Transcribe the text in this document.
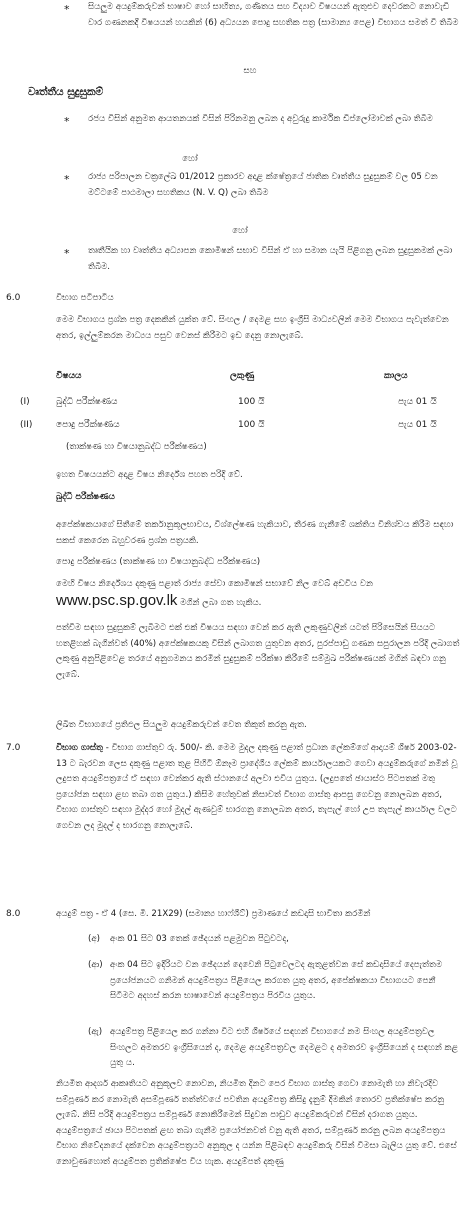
* සියලුම අයදුම්කරුවන් භාෂාව හෝ සාහිත්‍ය, ගණිතය සහ විද්‍යාව විෂයයන් ඇතුළුව දෙවරකට නොවැඩි වාර ගණනකදී විෂයයන් හයකින් (6) අධ්‍යයන පොදු සහතික පත්‍ර (සාමාන්‍ය පෙළ) විභාගය සමත් වී තිබීම
සහ
වෘත්තීය සුදුසුකම්
* රජය විසින් අනුමත ආයතනයක් විසින් පිරිනමනු ලබන ද අවුරුදු කාර්මික ඩිප්ලෝමාවක් ලබා තිබීම
හෝ
* රාජ්‍ය පරිපාලන චක්‍රලේඛ 01/2012 ප්‍රකාරව අදාළ ක්ෂේත්‍රයේ ජාතික වෘත්තීය සුදුසුකම් වල 05 වන මට්ටමේ පාඨමාලා සහතිකය (N. V. Q) ලබා තිබීම
හෝ
* තෘතීයික හා වෘත්තීය අධ්‍යාපන කොමිෂන් සභාව විසින් ඒ හා සමාන යැයි පිළිගනු ලබන සුදුසුකමක් ලබා තිබීම.
6.0	විභාග පටිපාටිය
මෙම විභාගය ප්‍රශ්න පත්‍ර දෙකකින් යුක්ත වේ. සිංහල / දෙමළ සහ ඉංග්‍රීසි මාධ්‍යවලින් මෙම විභාගය පැවැත්වෙන අතර, ඉල්ලුම්කරන මාධ්‍යය පසුව වෙනස් කිරීමට ඉඩ දෙනු නොලැබේ.
විෂයය	ලකුණු	කාලය
(I)	බුද්ධි පරීක්ෂණය	100 යි	පැය 01 යි
(II)	පොදු පරීක්ෂණය	100 යි	පැය 01 යි
(තාක්ෂණ හා විෂයානුබද්ධ පරීක්ෂණය)
ඉහත විෂයයන්ට අදාළ විෂය නිර්දේශ පහත පරිදි වේ.
බුද්ධි පරීක්ෂණය
අපේක්ෂකයාගේ සිතීමේ තර්කානුකූලභාවය, විශ්ලේෂණ හැකියාව, තීරණ ගැනීමේ ශක්තිය විනිශ්චය කිරීම සඳහා සකස් කෙරෙන බහුවරණ ප්‍රශ්න පත්‍රයකි.
පොදු පරීක්ෂණය (තාක්ෂණ හා විෂයානුබද්ධ පරීක්ෂණය)
මෙහි විෂය නිර්දේශය දකුණු පළාත් රාජ්‍ය සේවා කොමිෂන් සභාවේ නිල වෙබ් අඩවිය වන www.psc.sp.gov.lk මගින් ලබා ගත හැකිය.
පත්වීම සඳහා සුදුසුකම් ලැබීමට එක් එක් විෂයය සඳහා වෙන් කර ඇති ලකුණුවලින් යටත් පිරිසෙයින් සියයට හතළිහක් බැගින්වත් (40%) අපේක්ෂකයකු විසින් ලබාගත යුතුවන අතර, පුරප්පාඩු ගණන සපුරාලන පරිදි ලබාගත් ලකුණු අනුපිළිවෙළ තරයේ අනුගමනය කරමින් සුදුසුකම් පරීක්ෂා කිරීමේ සම්මුඛ පරීක්ෂණයක් මගින් බඳවා ගනු ලැබේ.
ලිඛිත විභාගයේ ප්‍රතිඵල සියලුම අයදුම්කරුවන් වෙත තිකුත් කරනු ඇත.
7.0	විභාග ගාස්තු - විභාග ගාස්තුව රු. 500/- කි. මෙම මුදල දකුණු පළාත් ප්‍රධාන ලේකම්ගේ ආදායම් ශීර්ෂ 2003-02-13 ට බැරවන ලෙස දකුණු පළාත තුළ පිහිටි ඕනෑම ප්‍රාදේශීය ලේකම් කාර්යාලයකට ගෙවා අයදුම්කරුගේ නමින් වූ ලදුපත අයදුම්පත්‍රයේ ඒ සඳහා වෙන්කර ඇති ස්ථානයේ අලවා එවිය යුතුය. (ලදුපතේ ඡායාස්ථ පිටපතක් මතු ප්‍රයෝජන සඳහා ළඟ තබා ගත යුතුය.) කිසිම හේතුවක් නිසාවත් විභාග ගාස්තු ආපසු ගෙවනු නොලබන අතර, විභාග ගාස්තුව සඳහා මුද්දර හෝ මුදල් ඇණවුම් භාරගනු නොලබන අතර, තැපැල් හෝ උප තැපැල් කාර්යාල වලට ගෙවන ලද මුදල් ද භාරගනු නොලැබේ.
8.0	අයදුම් පත්‍ර - ඒ 4 (සෙ. මී. 21X29) (සමාන්‍ය හාෆ්ශීට්) ප්‍රමාණයේ කඩදාසි භාවිතා කරමින්
(අ) අංක 01 සිට 03 තෙක් ඡේදයන් පළමුවන පිටුවටද,
(ආ) අංක 04 සිට ඉදිරියට වන ඡේදයන් දෙවෙනි පිටුවෙලටද ඇතුළත්වන සේ කඩදාසියේ දෙපැත්තම ප්‍රයෝජනයට ගනිමන් අයදුම්පත්‍රය පිළියෙල කරගත යුතු අතර, අපේක්ෂකයා විභාගයට පෙනී සිටීමට අදහස් කරන භාෂාවෙන් අයදුම්පත්‍රය පිරවිය යුතුය.
(ඇ) අයදුම්පත්‍ර පිළියෙල කර ගන්නා විට එහි ශීර්ෂයේ සඳහන් විභාගයේ නම සිංහල අයදුම්පත්‍රවල සිංහලට අමතරව ඉංග්‍රීසියෙන් ද, දෙමළ අයදුම්පත්‍රවල දෙමළට ද අමතරව ඉංග්‍රීසියෙන් ද සඳහන් කළ යුතු ය.
නියමිත ආදර්ශ ආකෘතියට අනුකූලව නොවන, නියමිත දිනට පෙර විභාග ගාස්තු ගෙවා නොමැති හා නිවැරදිව සම්පූර්ණ කර නොමැති අසම්පූර්ණ තත්ත්වයේ පවතින අයදුම්පත්‍ර කිසිදු දැනුම් දීමකින් තොරව ප්‍රතික්ෂේප කරනු ලැබේ. නිසි පරිදි අයදුම්පත්‍රය සම්පූර්ණ නොකිරීමෙන් සිදුවන පාඩුව අයදුම්කරුවන් විසින් දරාගත යුතුය. අයදුම්පත්‍රයේ ඡායා පිටපතක් ළඟ තබා ගැනීම ප්‍රයෝජනවත් වනු ඇති අතර, සම්පූර්ණ කරනු ලබන අයදුම්පත්‍රය විභාග නිවේදනයේ දක්වෙන අයදුම්පත්‍රයට අනුකූල ද යන්න පිළිබඳව අයදුම්කරු විසින් විමසා බැලිය යුතු වේ. එසේ නොවුණහොත් අයදුම්පත ප්‍රතික්ෂේප විය හැක. අයදුම්පත් දකුණු
